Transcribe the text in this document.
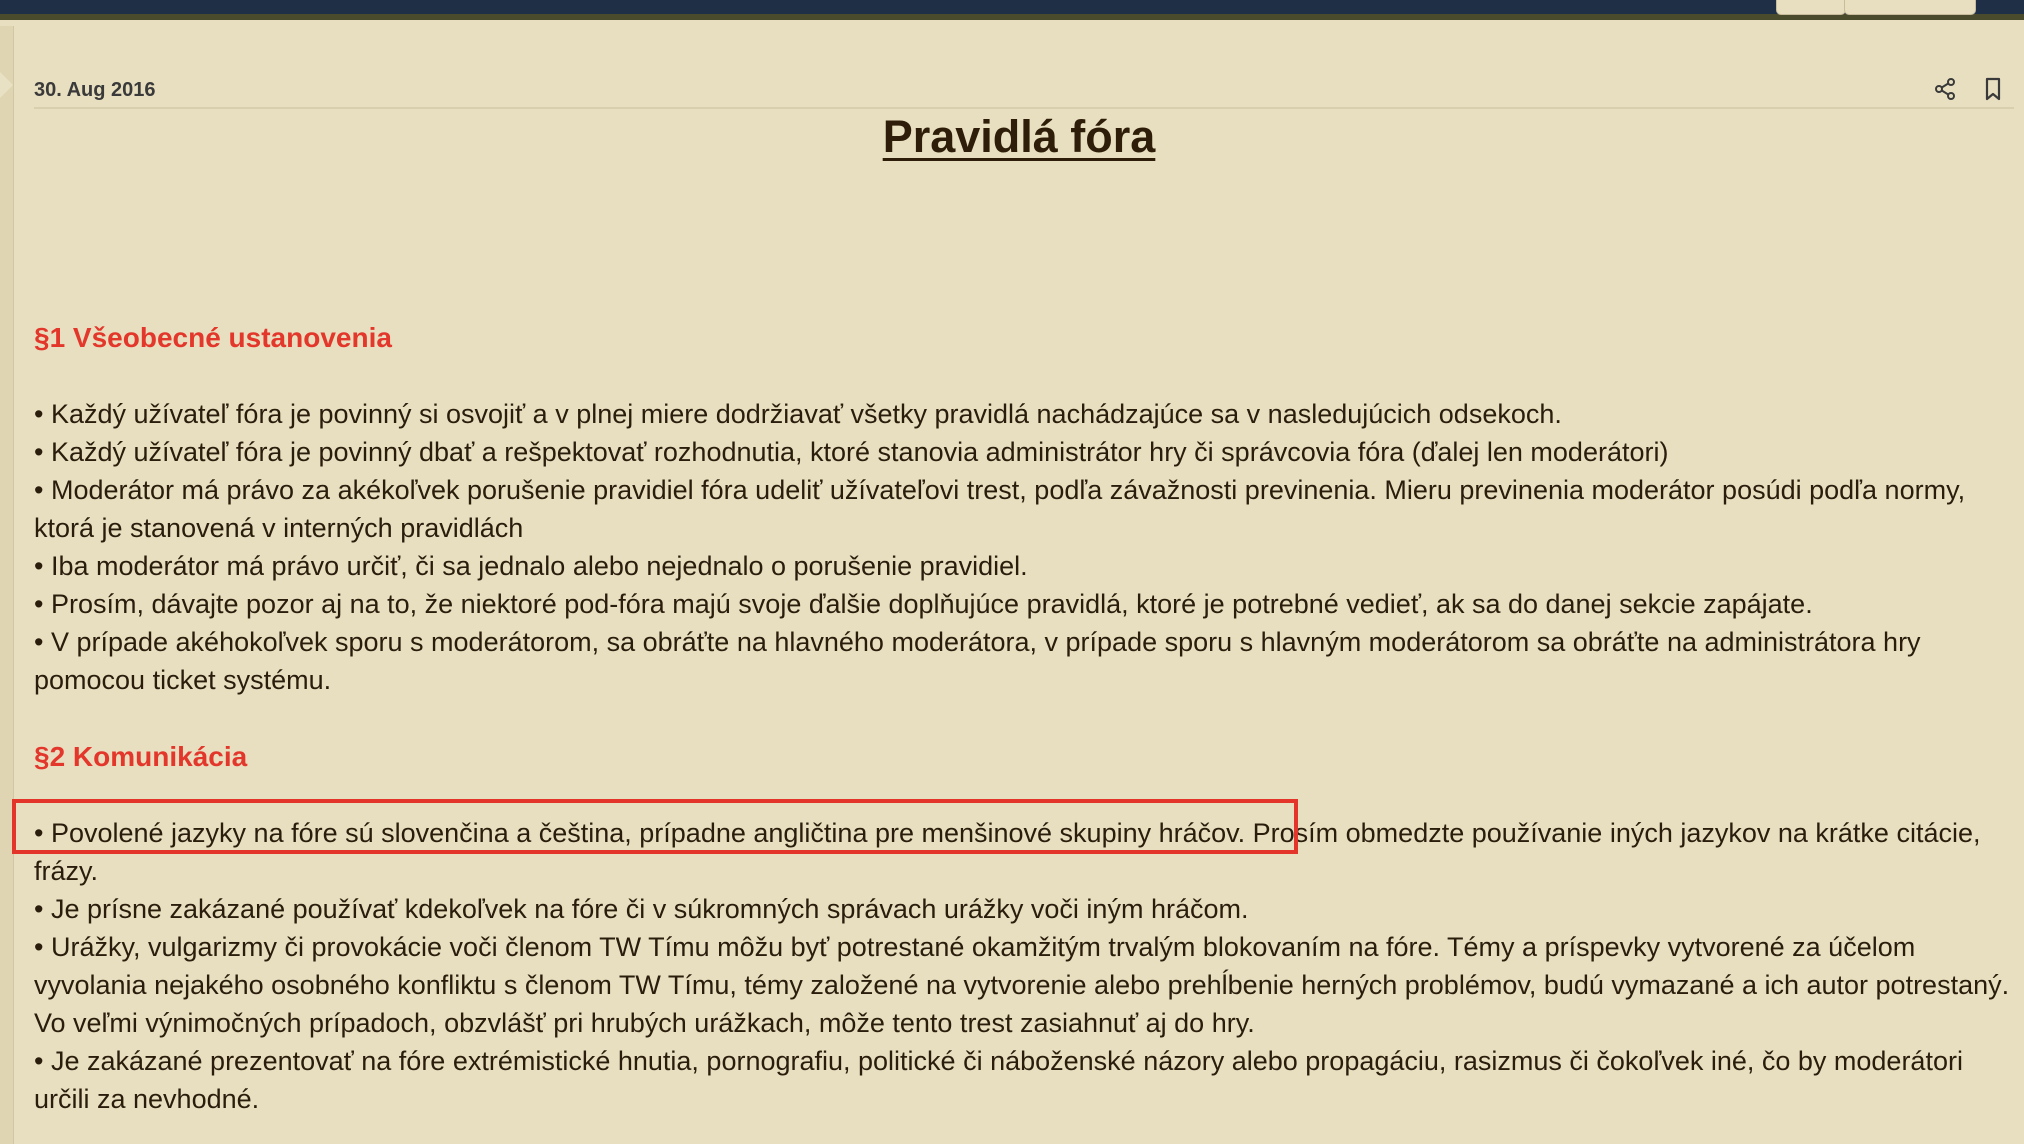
30. Aug 2016
Pravidlá fóra
§1 Všeobecné ustanovenia
• Každý užívateľ fóra je povinný si osvojiť a v plnej miere dodržiavať všetky pravidlá nachádzajúce sa v nasledujúcich odsekoch.
• Každý užívateľ fóra je povinný dbať a rešpektovať rozhodnutia, ktoré stanovia administrátor hry či správcovia fóra (ďalej len moderátori)
• Moderátor má právo za akékoľvek porušenie pravidiel fóra udeliť užívateľovi trest, podľa závažnosti previnenia. Mieru previnenia moderátor posúdi podľa normy, ktorá je stanovená v interných pravidlách
• Iba moderátor má právo určiť, či sa jednalo alebo nejednalo o porušenie pravidiel.
• Prosím, dávajte pozor aj na to, že niektoré pod-fóra majú svoje ďalšie doplňujúce pravidlá, ktoré je potrebné vedieť, ak sa do danej sekcie zapájate.
• V prípade akéhokoľvek sporu s moderátorom, sa obráťte na hlavného moderátora, v prípade sporu s hlavným moderátorom sa obráťte na administrátora hry pomocou ticket systému.
§2 Komunikácia
• Povolené jazyky na fóre sú slovenčina a čeština, prípadne angličtina pre menšinové skupiny hráčov. Prosím obmedzte používanie iných jazykov na krátke citácie, frázy.
• Je prísne zakázané používať kdekoľvek na fóre či v súkromných správach urážky voči iným hráčom.
• Urážky, vulgarizmy či provokácie voči členom TW Tímu môžu byť potrestané okamžitým trvalým blokovaním na fóre. Témy a príspevky vytvorené za účelom vyvolania nejakého osobného konfliktu s členom TW Tímu, témy založené na vytvorenie alebo prehĺbenie herných problémov, budú vymazané a ich autor potrestaný. Vo veľmi výnimočných prípadoch, obzvlášť pri hrubých urážkach, môže tento trest zasiahnuť aj do hry.
• Je zakázané prezentovať na fóre extrémistické hnutia, pornografiu, politické či náboženské názory alebo propagáciu, rasizmus či čokoľvek iné, čo by moderátori určili za nevhodné.
